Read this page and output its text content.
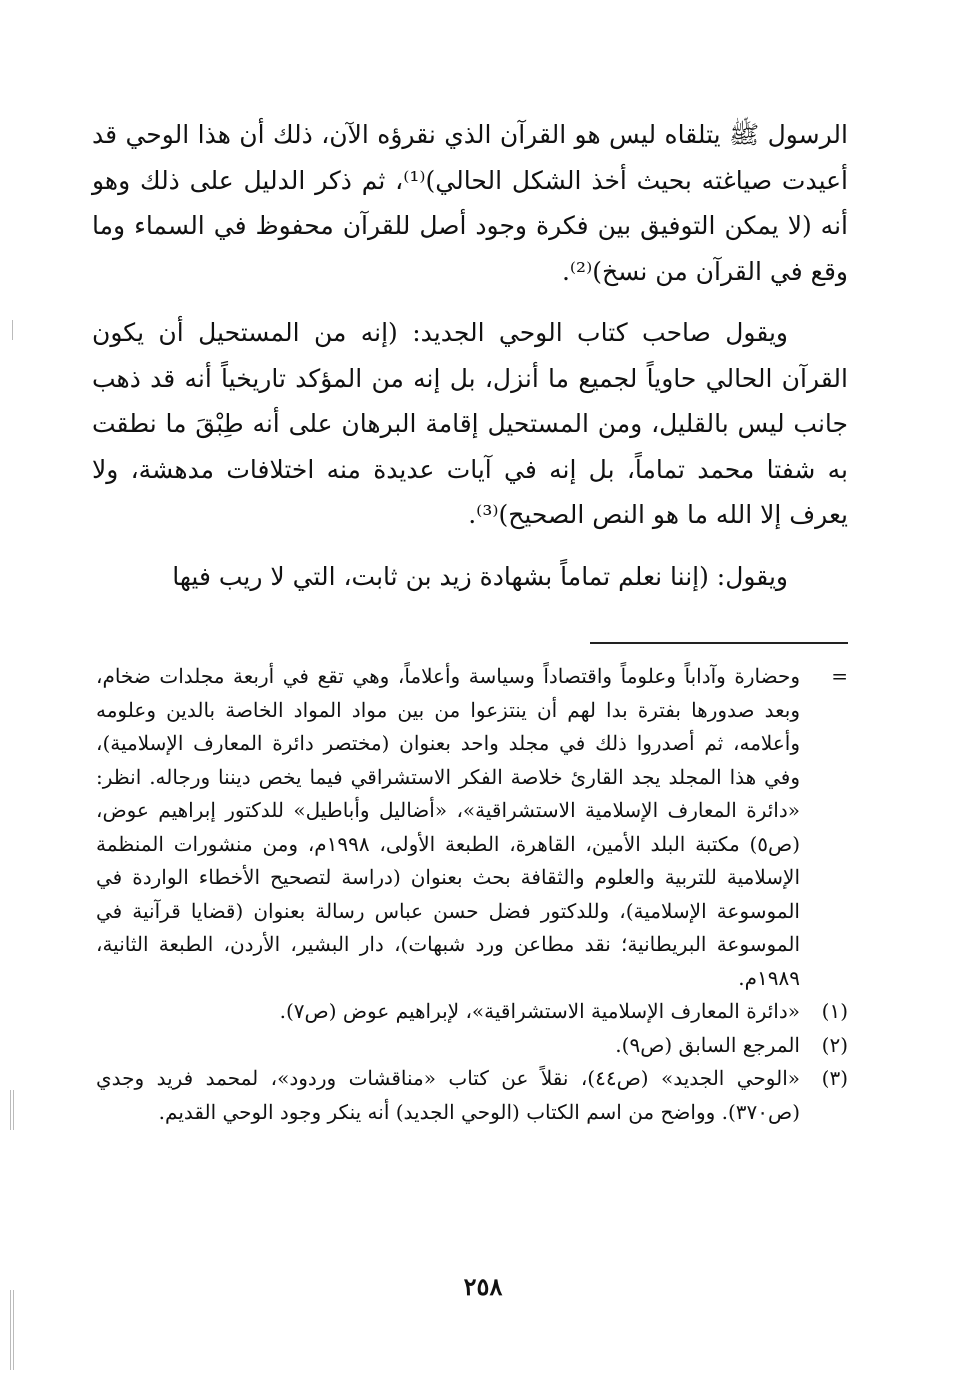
الرسول ﷺ يتلقاه ليس هو القرآن الذي نقرؤه الآن، ذلك أن هذا الوحي قد أعيدت صياغته بحيث أخذ الشكل الحالي)⁽¹⁾، ثم ذكر الدليل على ذلك وهو أنه (لا يمكن التوفيق بين فكرة وجود أصل للقرآن محفوظ في السماء وما وقع في القرآن من نسخ)⁽²⁾.

ويقول صاحب كتاب الوحي الجديد: (إنه من المستحيل أن يكون القرآن الحالي حاوياً لجميع ما أنزل، بل إنه من المؤكد تاريخياً أنه قد ذهب جانب ليس بالقليل، ومن المستحيل إقامة البرهان على أنه طِبْقَ ما نطقت به شفتا محمد تماماً، بل إنه في آيات عديدة منه اختلافات مدهشة، ولا يعرف إلا الله ما هو النص الصحيح)⁽³⁾.

ويقول: (إننا نعلم تماماً بشهادة زيد بن ثابت، التي لا ريب فيها

=
وحضارة وآداباً وعلوماً واقتصاداً وسياسة وأعلاماً، وهي تقع في أربعة مجلدات ضخام، وبعد صدورها بفترة بدا لهم أن ينتزعوا من بين مواد المواد الخاصة بالدين وعلومه وأعلامه، ثم أصدروا ذلك في مجلد واحد بعنوان (مختصر دائرة المعارف الإسلامية)، وفي هذا المجلد يجد القارئ خلاصة الفكر الاستشراقي فيما يخص ديننا ورجاله. انظر: «دائرة المعارف الإسلامية الاستشراقية»، «أضاليل وأباطيل» للدكتور إبراهيم عوض، (ص٥) مكتبة البلد الأمين، القاهرة، الطبعة الأولى، ١٩٩٨م، ومن منشورات المنظمة الإسلامية للتربية والعلوم والثقافة بحث بعنوان (دراسة لتصحيح الأخطاء الواردة في الموسوعة الإسلامية)، وللدكتور فضل حسن عباس رسالة بعنوان (قضايا قرآنية في الموسوعة البريطانية؛ نقد مطاعن ورد شبهات)، دار البشير، الأردن، الطبعة الثانية، ١٩٨٩م.
(١)
«دائرة المعارف الإسلامية الاستشراقية»، لإبراهيم عوض (ص٧).
(٢)
المرجع السابق (ص٩).
(٣)
«الوحي الجديد» (ص٤٤)، نقلاً عن كتاب «مناقشات وردود»، لمحمد فريد وجدي (ص٣٧٠). وواضح من اسم الكتاب (الوحي الجديد) أنه ينكر وجود الوحي القديم.
٢٥٨
